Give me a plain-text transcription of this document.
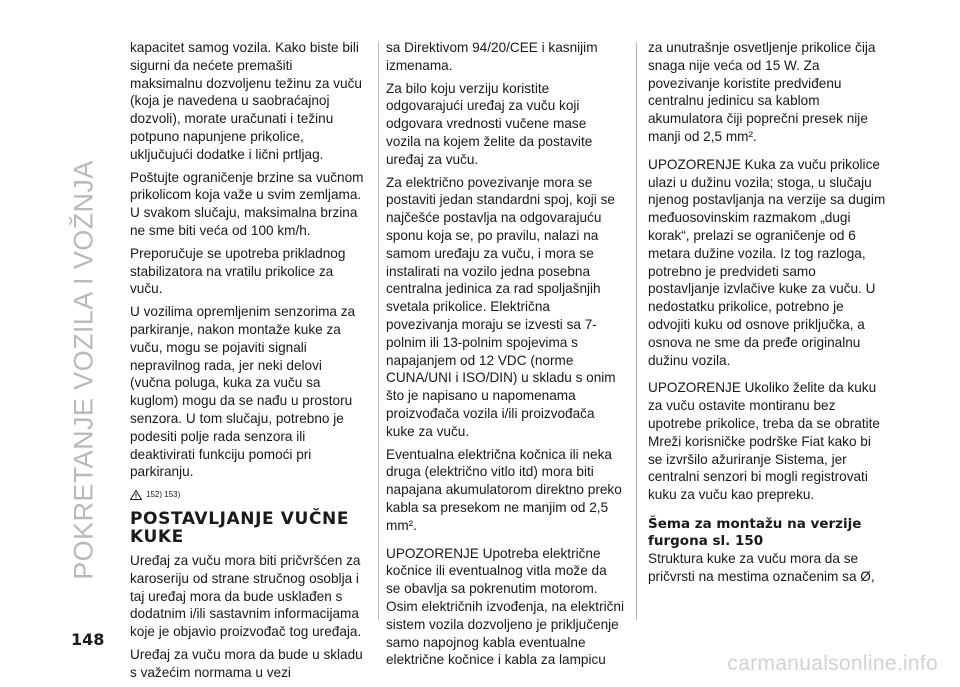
POKRETANJE VOZILA I VOŽNJA

kapacitet samog vozila. Kako biste bili sigurni da nećete premašiti maksimalnu dozvoljenu težinu za vuču (koja je navedena u saobraćajnoj dozvoli), morate uračunati i težinu potpuno napunjene prikolice, uključujući dodatke i lični prtljag.

Poštujte ograničenje brzine sa vučnom prikolicom koja važe u svim zemljama. U svakom slučaju, maksimalna brzina ne sme biti veća od 100 km/h.

Preporučuje se upotreba prikladnog stabilizatora na vratilu prikolice za vuču.

U vozilima opremljenim senzorima za parkiranje, nakon montaže kuke za vuču, mogu se pojaviti signali nepravilnog rada, jer neki delovi (vučna poluga, kuka za vuču sa kuglom) mogu da se nađu u prostoru senzora. U tom slučaju, potrebno je podesiti polje rada senzora ili deaktivirati funkciju pomoći pri parkiranju.

152) 153)
POSTAVLJANJE VUČNE KUKE

Uređaj za vuču mora biti pričvršćen za karoseriju od strane stručnog osoblja i taj uređaj mora da bude usklađen s dodatnim i/ili sastavnim informacijama koje je objavio proizvođač tog uređaja.

Uređaj za vuču mora da bude u skladu s važećim normama u vezi

sa Direktivom 94/20/CEE i kasnijim izmenama.

Za bilo koju verziju koristite odgovarajući uređaj za vuču koji odgovara vrednosti vučene mase vozila na kojem želite da postavite uređaj za vuču.

Za električno povezivanje mora se postaviti jedan standardni spoj, koji se najčešće postavlja na odgovarajuću sponu koja se, po pravilu, nalazi na samom uređaju za vuču, i mora se instalirati na vozilo jedna posebna centralna jedinica za rad spoljašnjih svetala prikolice. Električna povezivanja moraju se izvesti sa 7-polnim ili 13-polnim spojevima s napajanjem od 12 VDC (norme CUNA/UNI i ISO/DIN) u skladu s onim što je napisano u napomenama proizvođača vozila i/ili proizvođača kuke za vuču.

Eventualna električna kočnica ili neka druga (električno vitlo itd) mora biti napajana akumulatorom direktno preko kabla sa presekom ne manjim od 2,5 mm².

UPOZORENJE Upotreba električne kočnice ili eventualnog vitla može da se obavlja sa pokrenutim motorom. Osim električnih izvođenja, na električni sistem vozila dozvoljeno je priključenje samo napojnog kabla eventualne električne kočnice i kabla za lampicu

za unutrašnje osvetljenje prikolice čija snaga nije veća od 15 W. Za povezivanje koristite predviđenu centralnu jedinicu sa kablom akumulatora čiji poprečni presek nije manji od 2,5 mm².

UPOZORENJE Kuka za vuču prikolice ulazi u dužinu vozila; stoga, u slučaju njenog postavljanja na verzije sa dugim međuosovinskim razmakom „dugi korak“, prelazi se ograničenje od 6 metara dužine vozila. Iz tog razloga, potrebno je predvideti samo postavljanje izvlačive kuke za vuču. U nedostatku prikolice, potrebno je odvojiti kuku od osnove priključka, a osnova ne sme da pređe originalnu dužinu vozila.

UPOZORENJE Ukoliko želite da kuku za vuču ostavite montiranu bez upotrebe prikolice, treba da se obratite Mreži korisničke podrške Fiat kako bi se izvršilo ažuriranje Sistema, jer centralni senzori bi mogli registrovati kuku za vuču kao prepreku.

Šema za montažu na verzije furgona sl. 150

Struktura kuke za vuču mora da se pričvrsti na mestima označenim sa Ø,

148
carmanualsonline.info
